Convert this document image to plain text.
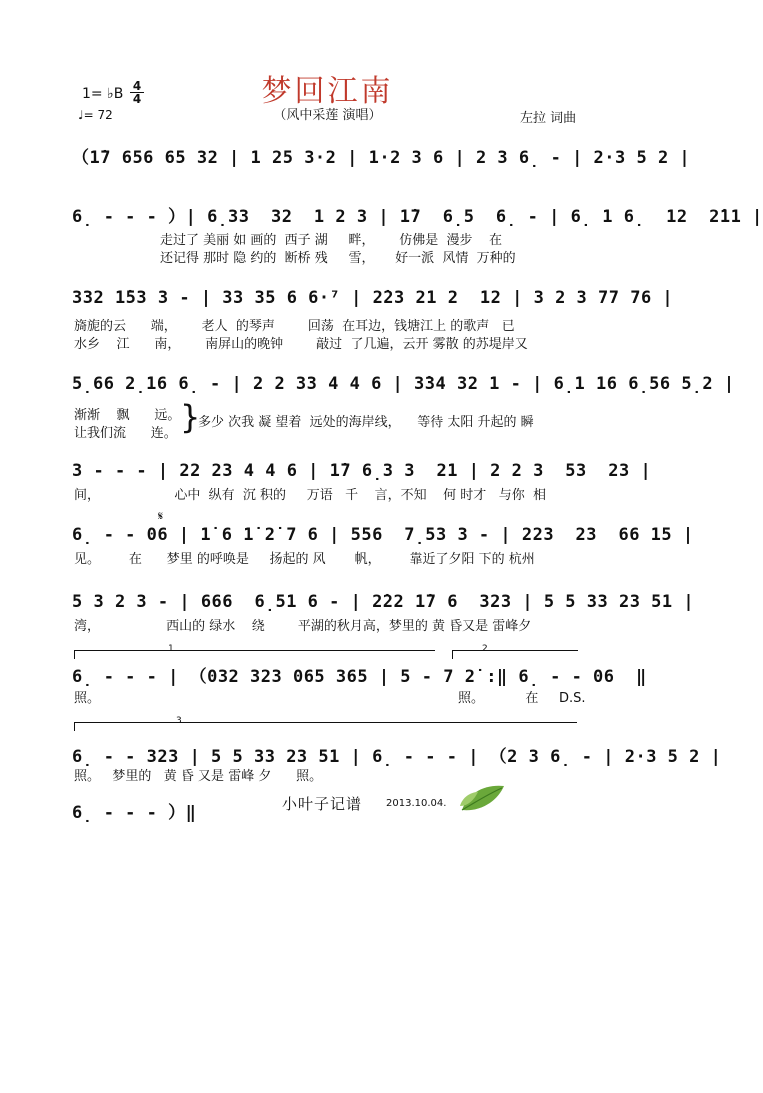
梦回江南
（风中采莲 演唱）
1= ♭B 4
4
♩= 72	左拉 词曲
（1̇7 656 65 32 | 1 25 3·2 | 1·2 3 6 | 2 3 6̣ - | 2·3 5 2 |
6̣ - - - ）| 6̣33  32  1 2 3 | 1̇7  6̣5  6̣ - | 6̣ 1 6̣  12  2̇11 |
走过了 美丽 如 画的  西子 湖     畔，      仿佛是  漫步    在
还记得 那时 隐 约的  断桥 残     雪，     好一派  风情  万种的
332 1̇53 3 - | 33 35 6 6·⁷ | 2̇23 21 2  12 | 3 2 3 77 76 |
旖旎的云      端，      老人  的琴声        回荡  在耳边，钱塘江上 的歌声   已
水乡    江      南，      南屏山的晚钟        敲过  了几遍，云开 雾散 的苏堤岸又
5̣66 2̣16 6̣ - | 2 2 33 4 4 6 | 3̇34 32 1 - | 6̣1 16 6̣56 5̣2 |
渐渐    飘      远。
让我们流      连。 }
多少 次我 凝 望着  远处的海岸线，    等待 太阳 升起的 瞬
3 - - - | 22 23 4 4 6 | 1̇7 6̣3 3  21 | 2 2 3  53  23 |
间，                  心中  纵有  沉 积的     万语   千    言，不知    何 时才   与你  相
𝄋
6̣ - - 06 | 1̇ 6 1̇ 2̇ 7 6 | 556  7̣53 3 - | 223  23  66 15 |
见。       在      梦里 的呼唤是     扬起的 风       帆，       靠近了夕阳 下的 杭州
5 3 2 3 - | 666  6̣51 6 - | 2̇22 1̇7 6  323 | 5 5 33 23 51 |
湾，                西山的 绿水    绕        平湖的秋月高，梦里的 黄 昏又是 雷峰夕
1	2
6̣ - - - | （032 323 065 365 | 5 - 7 2̇ :‖ 6̣ - - 06  ‖
照。	照。          在     D.S.
3
6̣ - - 323 | 5 5 33 23 51 | 6̣ - - - | （2 3 6̣ - | 2·3 5 2 |
照。   梦里的   黄 昏 又是 雷峰 夕      照。
6̣ - - - ）‖	小叶子记谱 2013.10.04.
